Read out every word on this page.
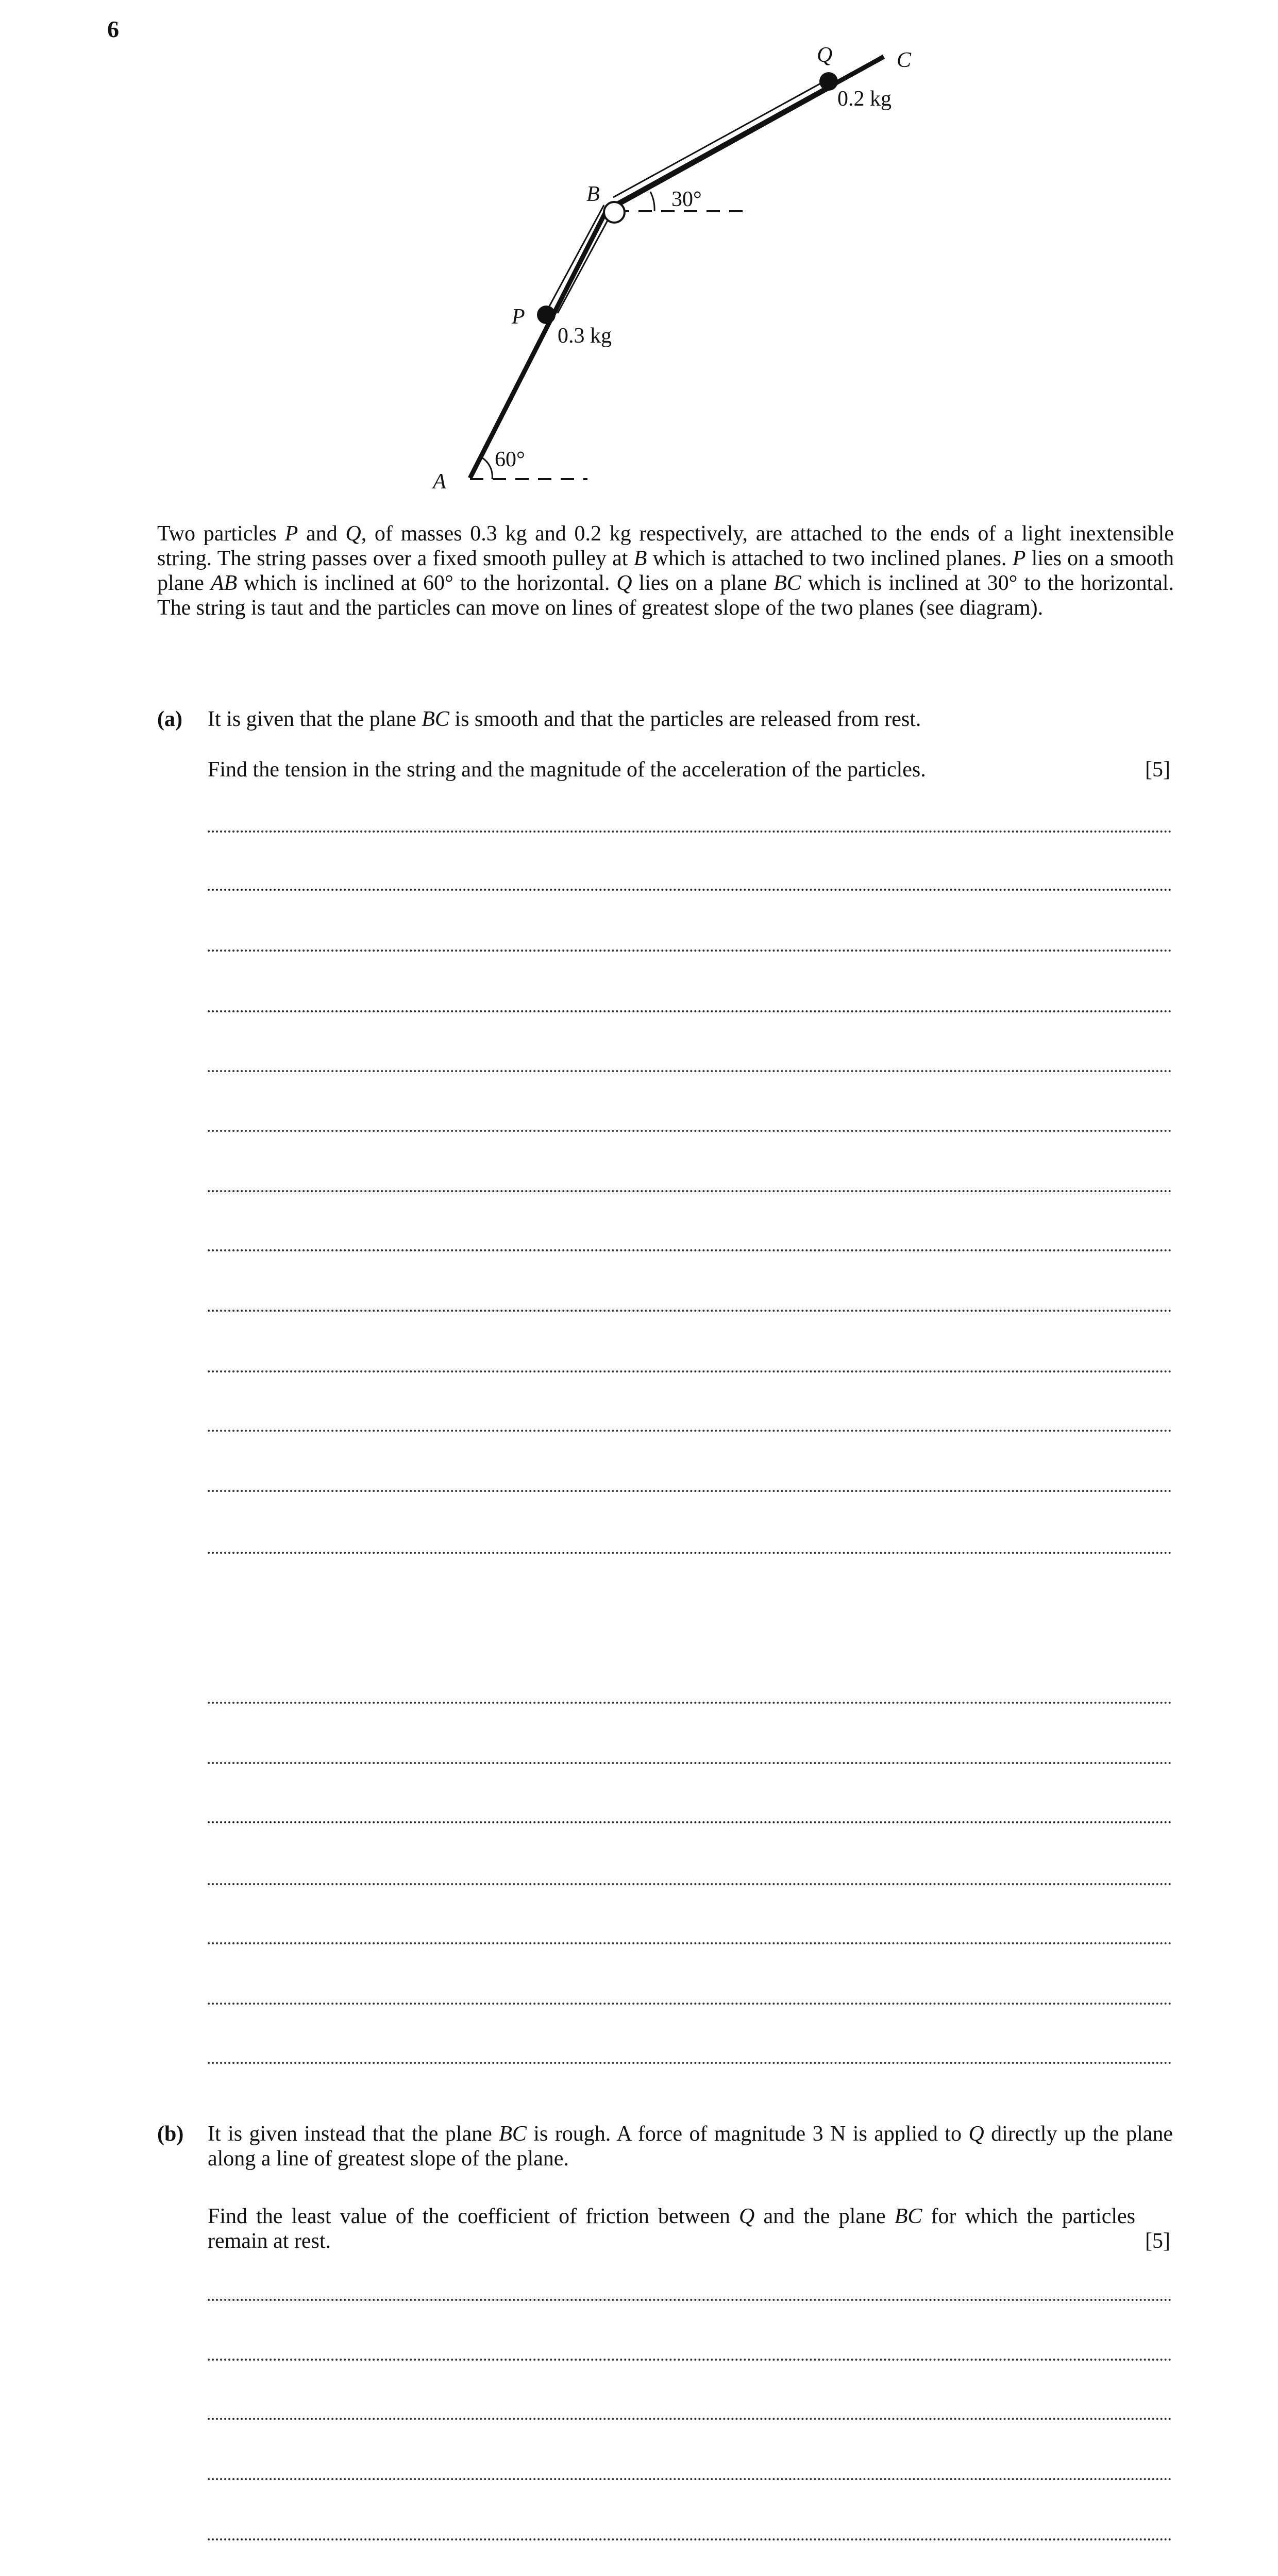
6
A
60°
P
0.3 kg
B	30°
Q
0.2 kg
C
Two particles P and Q, of masses 0.3 kg and 0.2 kg respectively, are attached to the ends of a light inextensible string. The string passes over a fixed smooth pulley at B which is attached to two inclined planes. P lies on a smooth plane AB which is inclined at 60° to the horizontal. Q lies on a plane BC which is inclined at 30° to the horizontal. The string is taut and the particles can move on lines of greatest slope of the two planes (see diagram).
(a) It is given that the plane BC is smooth and that the particles are released from rest.
Find the tension in the string and the magnitude of the acceleration of the particles.	[5]
(b) It is given instead that the plane BC is rough. A force of magnitude 3 N is applied to Q directly up the plane along a line of greatest slope of the plane.
Find the least value of the coefficient of friction between Q and the plane BC for which the particles remain at rest.	[5]
